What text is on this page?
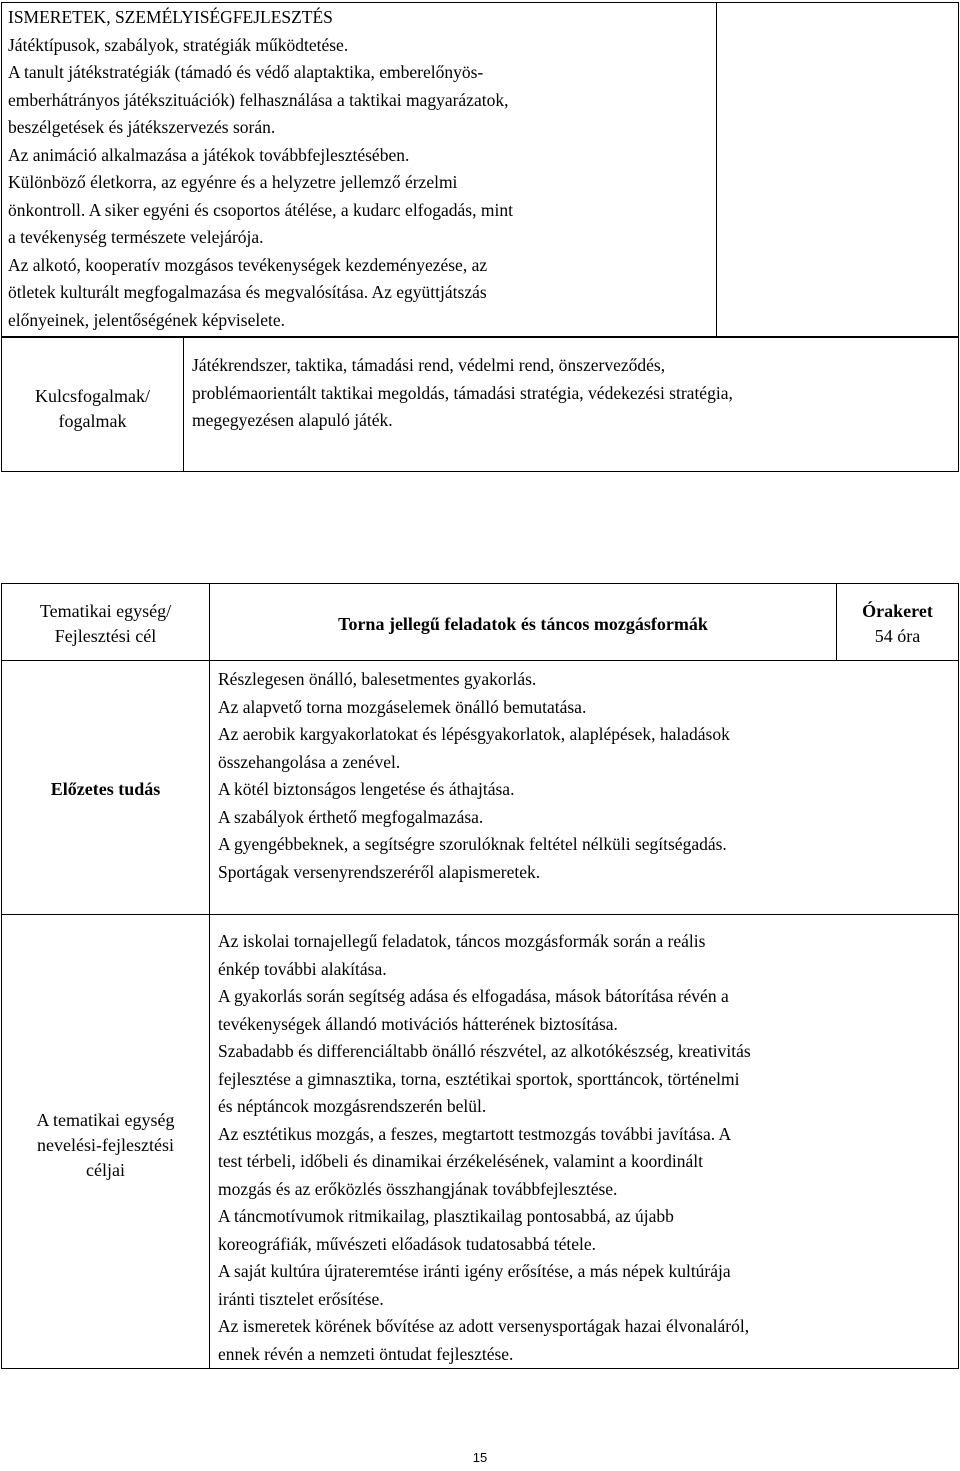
ISMERETEK, SZEMÉLYISÉGFEJLESZTÉS
Játéktípusok, szabályok, stratégiák működtetése.
A tanult játékstratégiák (támadó és védő alaptaktika, emberelőnyös-
emberhátrányos játékszituációk) felhasználása a taktikai magyarázatok,
beszélgetések és játékszervezés során.
Az animáció alkalmazása a játékok továbbfejlesztésében.
Különböző életkorra, az egyénre és a helyzetre jellemző érzelmi
önkontroll. A siker egyéni és csoportos átélése, a kudarc elfogadás, mint
a tevékenység természete velejárója.
Az alkotó, kooperatív mozgásos tevékenységek kezdeményezése, az
ötletek kulturált megfogalmazása és megvalósítása. Az együttjátszás
előnyeinek, jelentőségének képviselete.
Kulcsfogalmak/
fogalmak
Játékrendszer, taktika, támadási rend, védelmi rend, önszerveződés,
problémaorientált taktikai megoldás, támadási stratégia, védekezési stratégia,
megegyezésen alapuló játék.
Tematikai egység/
Fejlesztési cél
Torna jellegű feladatok és táncos mozgásformák
Órakeret
54 óra
Előzetes tudás
Részlegesen önálló, balesetmentes gyakorlás.
Az alapvető torna mozgáselemek önálló bemutatása.
Az aerobik kargyakorlatokat és lépésgyakorlatok, alaplépések, haladások
összehangolása a zenével.
A kötél biztonságos lengetése és áthajtása.
A szabályok érthető megfogalmazása.
A gyengébbeknek, a segítségre szorulóknak feltétel nélküli segítségadás.
Sportágak versenyrendszeréről alapismeretek.
A tematikai egység
nevelési-fejlesztési
céljai
Az iskolai tornajellegű feladatok, táncos mozgásformák során a reális
énkép további alakítása.
A gyakorlás során segítség adása és elfogadása, mások bátorítása révén a
tevékenységek állandó motivációs hátterének biztosítása.
Szabadabb és differenciáltabb önálló részvétel, az alkotókészség, kreativitás
fejlesztése a gimnasztika, torna, esztétikai sportok, sporttáncok, történelmi
és néptáncok mozgásrendszerén belül.
Az esztétikus mozgás, a feszes, megtartott testmozgás további javítása. A
test térbeli, időbeli és dinamikai érzékelésének, valamint a koordinált
mozgás és az erőközlés összhangjának továbbfejlesztése.
A táncmotívumok ritmikailag, plasztikailag pontosabbá, az újabb
koreográfiák, művészeti előadások tudatosabbá tétele.
A saját kultúra újrateremtése iránti igény erősítése, a más népek kultúrája
iránti tisztelet erősítése.
Az ismeretek körének bővítése az adott versenysportágak hazai élvonaláról,
ennek révén a nemzeti öntudat fejlesztése.
15
